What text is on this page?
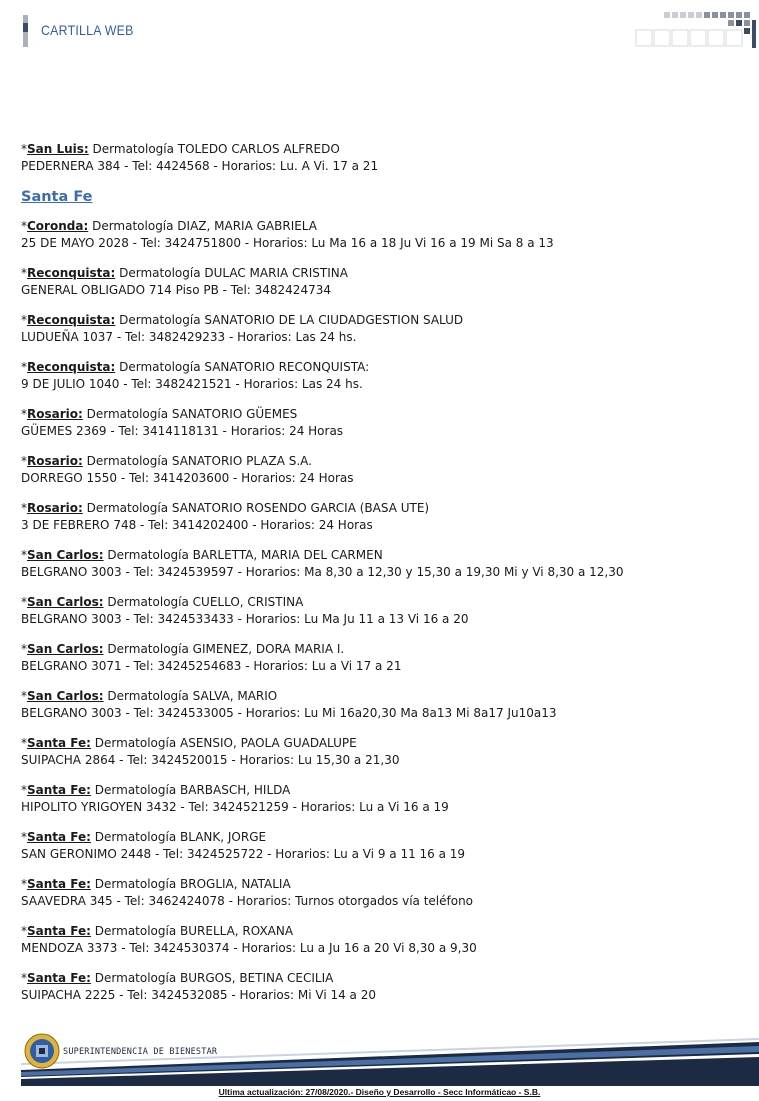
CARTILLA WEB
*San Luis: Dermatología TOLEDO CARLOS ALFREDO
PEDERNERA 384 - Tel: 4424568 - Horarios: Lu. A Vi. 17 a 21
Santa Fe
*Coronda: Dermatología DIAZ, MARIA GABRIELA
25 DE MAYO 2028 - Tel: 3424751800 - Horarios: Lu Ma 16 a 18 Ju Vi 16 a 19 Mi Sa 8 a 13
*Reconquista: Dermatología DULAC MARIA CRISTINA
GENERAL OBLIGADO 714 Piso PB - Tel: 3482424734
*Reconquista: Dermatología SANATORIO DE LA CIUDADGESTION SALUD
LUDUEÑA 1037 - Tel: 3482429233 - Horarios: Las 24 hs.
*Reconquista: Dermatología SANATORIO RECONQUISTA:
9 DE JULIO 1040 - Tel: 3482421521 - Horarios: Las 24 hs.
*Rosario: Dermatología SANATORIO GÜEMES
GÜEMES 2369 - Tel: 3414118131 - Horarios: 24 Horas
*Rosario: Dermatología SANATORIO PLAZA S.A.
DORREGO 1550 - Tel: 3414203600 - Horarios: 24 Horas
*Rosario: Dermatología SANATORIO ROSENDO GARCIA (BASA UTE)
3 DE FEBRERO 748 - Tel: 3414202400 - Horarios: 24 Horas
*San Carlos: Dermatología BARLETTA, MARIA DEL CARMEN
BELGRANO 3003 - Tel: 3424539597 - Horarios: Ma 8,30 a 12,30 y 15,30 a 19,30 Mi y Vi 8,30 a 12,30
*San Carlos: Dermatología CUELLO, CRISTINA
BELGRANO 3003 - Tel: 3424533433 - Horarios: Lu Ma Ju 11 a 13 Vi 16 a 20
*San Carlos: Dermatología GIMENEZ, DORA MARIA I.
BELGRANO 3071 - Tel: 34245254683 - Horarios: Lu a Vi 17 a 21
*San Carlos: Dermatología SALVA, MARIO
BELGRANO 3003 - Tel: 3424533005 - Horarios: Lu Mi 16a20,30 Ma 8a13 Mi 8a17 Ju10a13
*Santa Fe: Dermatología ASENSIO, PAOLA GUADALUPE
SUIPACHA 2864 - Tel: 3424520015 - Horarios: Lu 15,30 a 21,30
*Santa Fe: Dermatología BARBASCH, HILDA
HIPOLITO YRIGOYEN 3432 - Tel: 3424521259 - Horarios: Lu a Vi 16 a 19
*Santa Fe: Dermatología BLANK, JORGE
SAN GERONIMO 2448 - Tel: 3424525722 - Horarios: Lu a Vi 9 a 11 16 a 19
*Santa Fe: Dermatología BROGLIA, NATALIA
SAAVEDRA 345 - Tel: 3462424078 - Horarios: Turnos otorgados vía teléfono
*Santa Fe: Dermatología BURELLA, ROXANA
MENDOZA 3373 - Tel: 3424530374 - Horarios: Lu a Ju 16 a 20 Vi 8,30 a 9,30
*Santa Fe: Dermatología BURGOS, BETINA CECILIA
SUIPACHA 2225 - Tel: 3424532085 - Horarios: Mi Vi 14 a 20
SUPERINTENDENCIA DE BIENESTAR
Ultima actualización: 27/08/2020.- Diseño y Desarrollo - Secc Informáticao - S.B.
